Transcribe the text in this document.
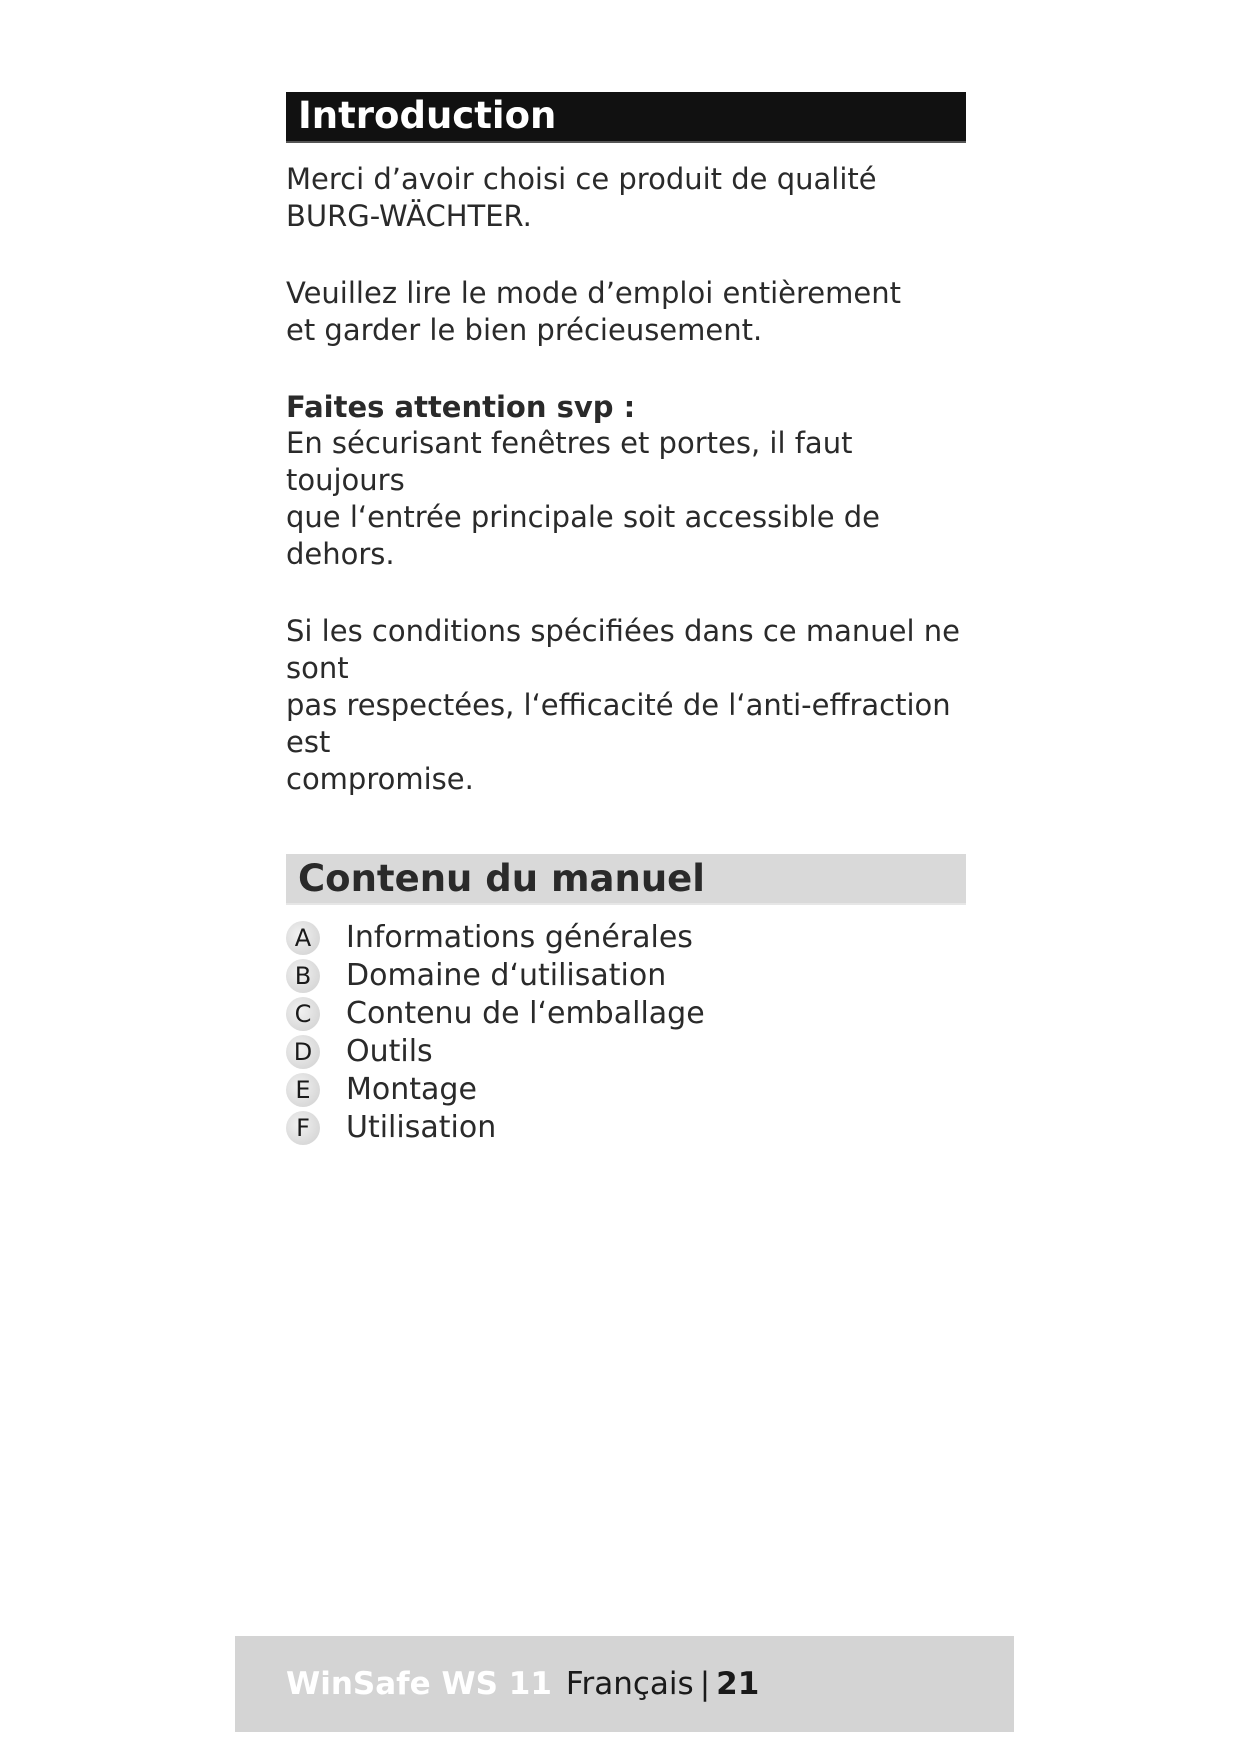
Introduction

Merci d’avoir choisi ce produit de qualité
BURG-WÄCHTER.

Veuillez lire le mode d’emploi entièrement
et garder le bien précieusement.

Faites attention svp :

En sécurisant fenêtres et portes, il faut toujours
que l‘entrée principale soit accessible de dehors.

Si les conditions spécifiées dans ce manuel ne sont
pas respectées, l‘efficacité de l‘anti-effraction est
compromise.

Contenu du manuel
A Informations générales
B Domaine d‘utilisation
C Contenu de l‘emballage
D Outils
E	Montage
F	Utilisation
WinSafe WS 11 Français | 21
